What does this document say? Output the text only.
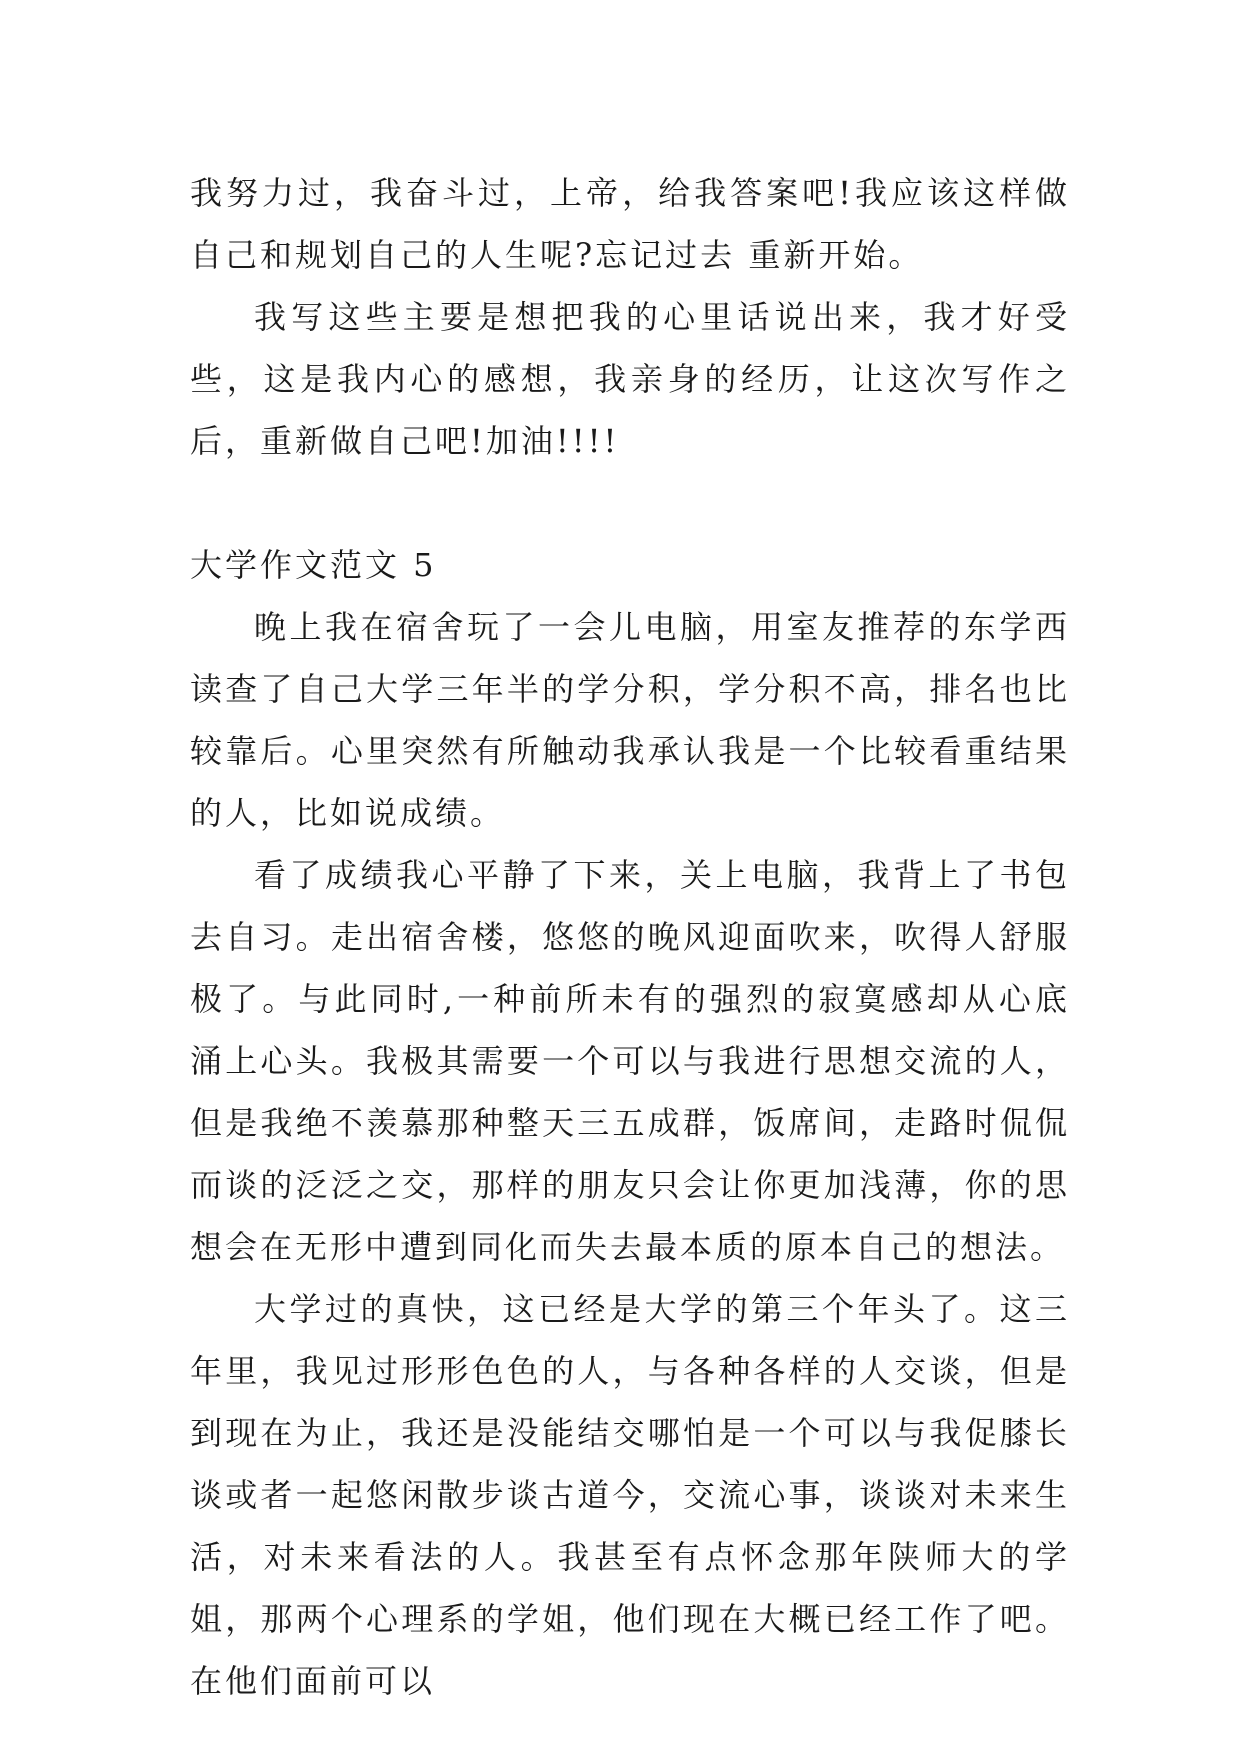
我努力过，我奋斗过，上帝，给我答案吧!我应该这样做自己和规划自己的人生呢?忘记过去 重新开始。

我写这些主要是想把我的心里话说出来，我才好受些，这是我内心的感想，我亲身的经历，让这次写作之后，重新做自己吧!加油!!!!

大学作文范文 5

晚上我在宿舍玩了一会儿电脑，用室友推荐的东学西读查了自己大学三年半的学分积，学分积不高，排名也比较靠后。心里突然有所触动我承认我是一个比较看重结果的人，比如说成绩。

看了成绩我心平静了下来，关上电脑，我背上了书包去自习。走出宿舍楼，悠悠的晚风迎面吹来，吹得人舒服极了。与此同时,一种前所未有的强烈的寂寞感却从心底涌上心头。我极其需要一个可以与我进行思想交流的人，但是我绝不羡慕那种整天三五成群，饭席间，走路时侃侃而谈的泛泛之交，那样的朋友只会让你更加浅薄，你的思想会在无形中遭到同化而失去最本质的原本自己的想法。

大学过的真快，这已经是大学的第三个年头了。这三年里，我见过形形色色的人，与各种各样的人交谈，但是到现在为止，我还是没能结交哪怕是一个可以与我促膝长谈或者一起悠闲散步谈古道今，交流心事，谈谈对未来生活，对未来看法的人。我甚至有点怀念那年陕师大的学姐，那两个心理系的学姐，他们现在大概已经工作了吧。在他们面前可以
